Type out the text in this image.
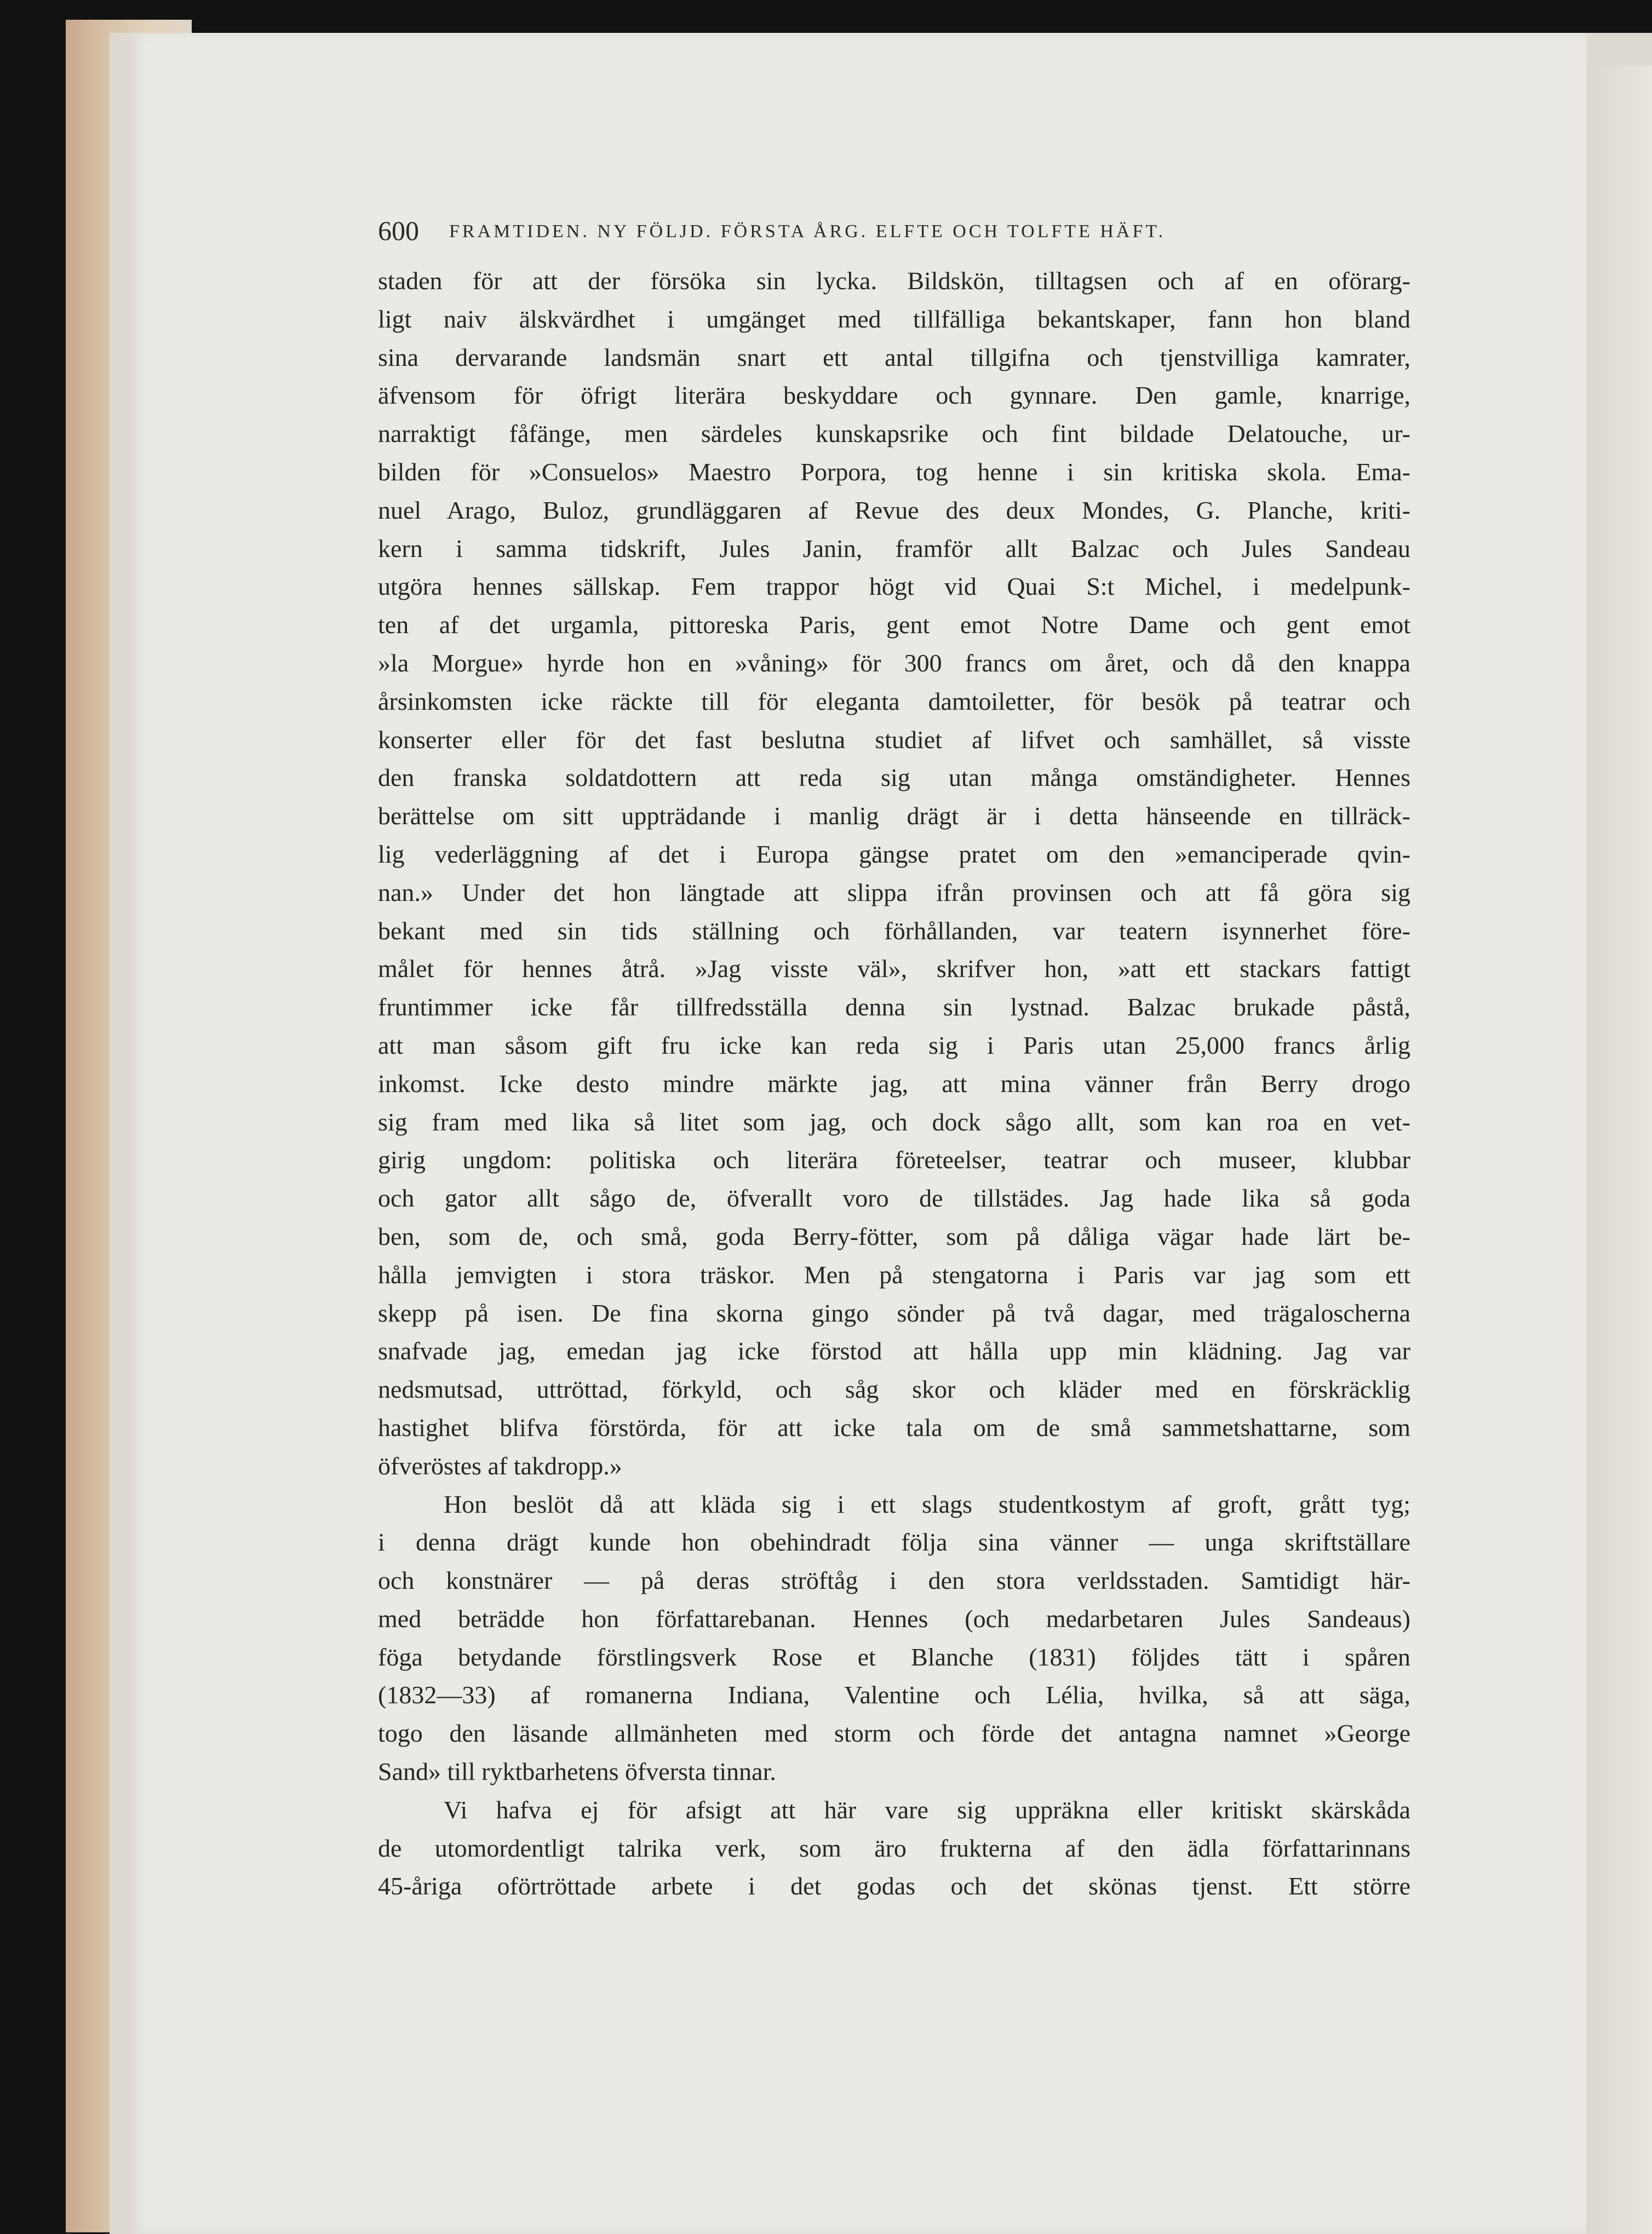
600 FRAMTIDEN. NY FÖLJD. FÖRSTA ÅRG. ELFTE OCH TOLFTE HÄFT.
staden för att der försöka sin lycka. Bildskön, tilltagsen och af en oförarg-
ligt naiv älskvärdhet i umgänget med tillfälliga bekantskaper, fann hon bland
sina dervarande landsmän snart ett antal tillgifna och tjenstvilliga kamrater,
äfvensom för öfrigt literära beskyddare och gynnare. Den gamle, knarrige,
narraktigt fåfänge, men särdeles kunskapsrike och fint bildade Delatouche, ur-
bilden för »Consuelos» Maestro Porpora, tog henne i sin kritiska skola. Ema-
nuel Arago, Buloz, grundläggaren af Revue des deux Mondes, G. Planche, kriti-
kern i samma tidskrift, Jules Janin, framför allt Balzac och Jules Sandeau
utgöra hennes sällskap. Fem trappor högt vid Quai S:t Michel, i medelpunk-
ten af det urgamla, pittoreska Paris, gent emot Notre Dame och gent emot
»la Morgue» hyrde hon en »våning» för 300 francs om året, och då den knappa
årsinkomsten icke räckte till för eleganta damtoiletter, för besök på teatrar och
konserter eller för det fast beslutna studiet af lifvet och samhället, så visste
den franska soldatdottern att reda sig utan många omständigheter. Hennes
berättelse om sitt uppträdande i manlig drägt är i detta hänseende en tillräck-
lig vederläggning af det i Europa gängse pratet om den »emanciperade qvin-
nan.» Under det hon längtade att slippa ifrån provinsen och att få göra sig
bekant med sin tids ställning och förhållanden, var teatern isynnerhet före-
målet för hennes åtrå. »Jag visste väl», skrifver hon, »att ett stackars fattigt
fruntimmer icke får tillfredsställa denna sin lystnad. Balzac brukade påstå,
att man såsom gift fru icke kan reda sig i Paris utan 25,000 francs årlig
inkomst. Icke desto mindre märkte jag, att mina vänner från Berry drogo
sig fram med lika så litet som jag, och dock sågo allt, som kan roa en vet-
girig ungdom: politiska och literära företeelser, teatrar och museer, klubbar
och gator allt sågo de, öfverallt voro de tillstädes. Jag hade lika så goda
ben, som de, och små, goda Berry-fötter, som på dåliga vägar hade lärt be-
hålla jemvigten i stora träskor. Men på stengatorna i Paris var jag som ett
skepp på isen. De fina skorna gingo sönder på två dagar, med trägaloscherna
snafvade jag, emedan jag icke förstod att hålla upp min klädning. Jag var
nedsmutsad, uttröttad, förkyld, och såg skor och kläder med en förskräcklig
hastighet blifva förstörda, för att icke tala om de små sammetshattarne, som
öfveröstes af takdropp.»
Hon beslöt då att kläda sig i ett slags studentkostym af groft, grått tyg;
i denna drägt kunde hon obehindradt följa sina vänner — unga skriftställare
och konstnärer — på deras ströftåg i den stora verldsstaden. Samtidigt här-
med beträdde hon författarebanan. Hennes (och medarbetaren Jules Sandeaus)
föga betydande förstlingsverk Rose et Blanche (1831) följdes tätt i spåren
(1832—33) af romanerna Indiana, Valentine och Lélia, hvilka, så att säga,
togo den läsande allmänheten med storm och förde det antagna namnet »George
Sand» till ryktbarhetens öfversta tinnar.
Vi hafva ej för afsigt att här vare sig uppräkna eller kritiskt skärskåda
de utomordentligt talrika verk, som äro frukterna af den ädla författarinnans
45-åriga oförtröttade arbete i det godas och det skönas tjenst. Ett större
